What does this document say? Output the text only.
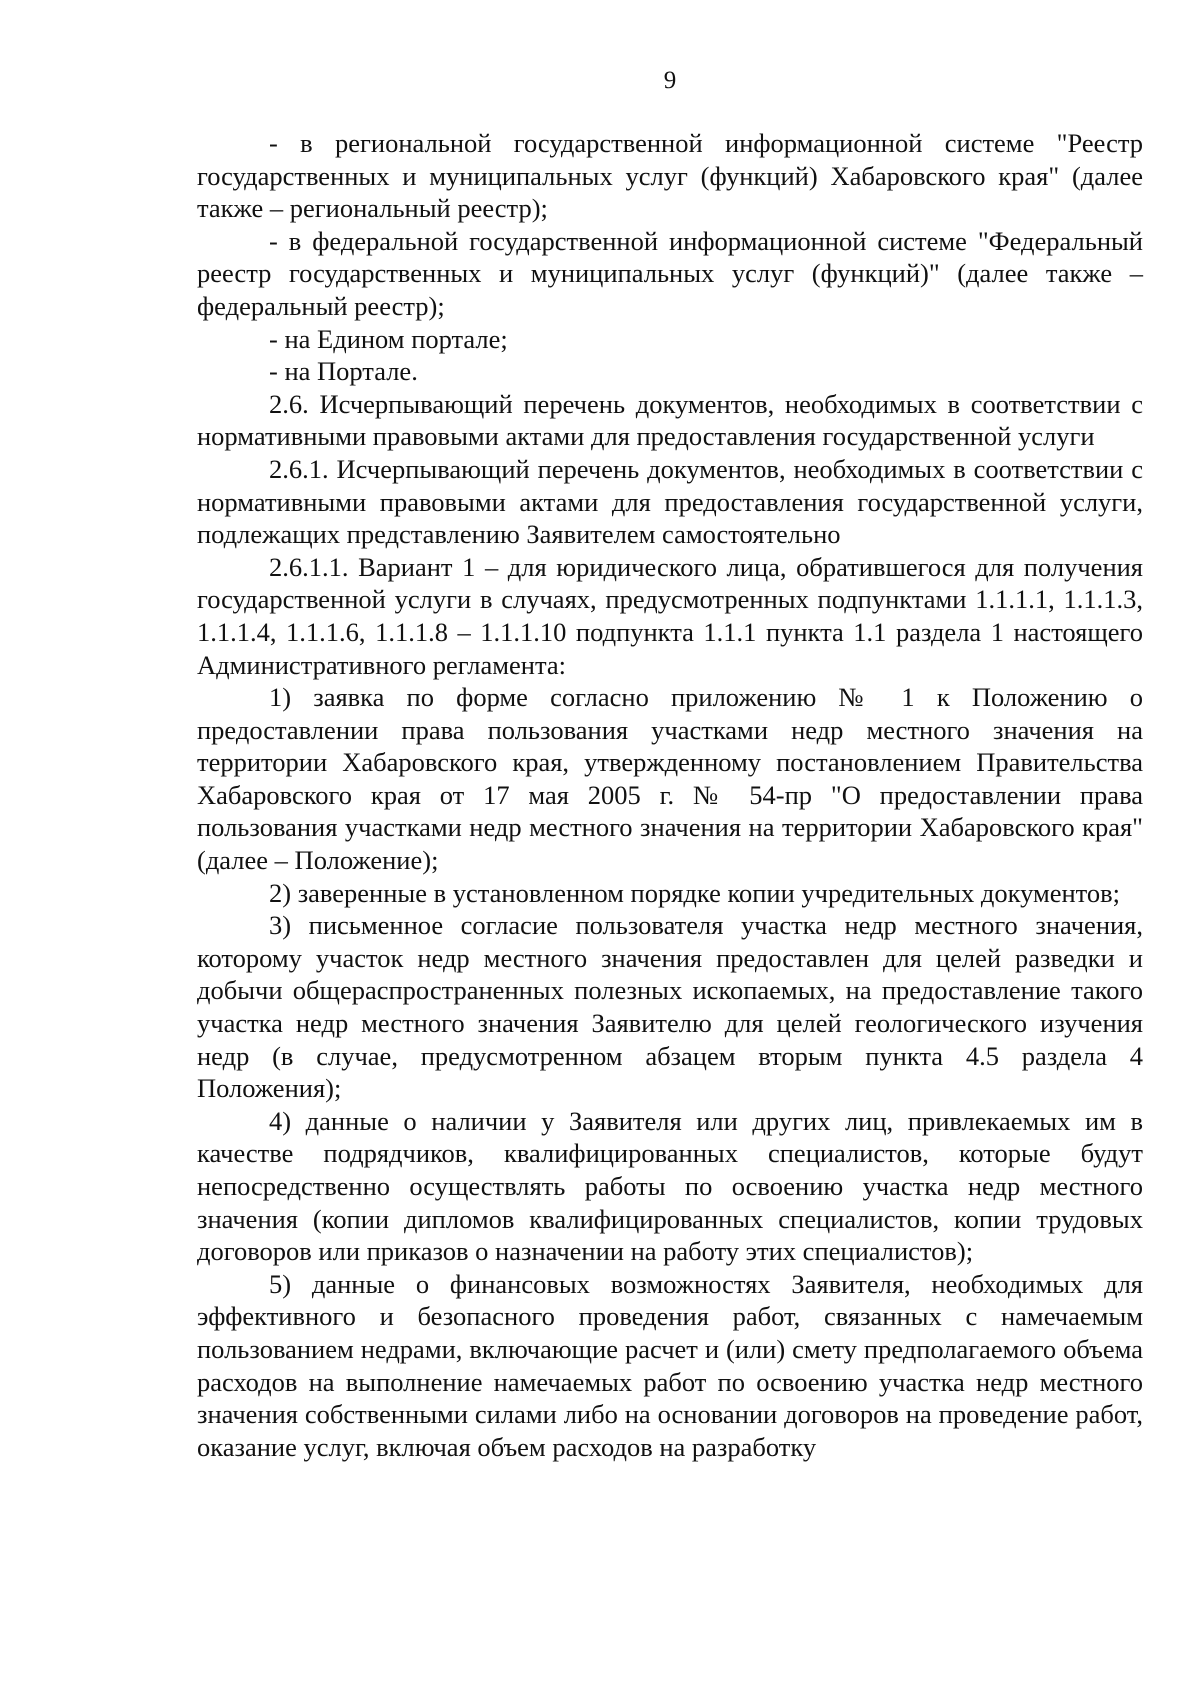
9

- в региональной государственной информационной системе "Реестр государственных и муниципальных услуг (функций) Хабаровского края" (далее также – региональный реестр);

- в федеральной государственной информационной системе "Федеральный реестр государственных и муниципальных услуг (функций)" (далее также – федеральный реестр);

- на Едином портале;

- на Портале.

2.6. Исчерпывающий перечень документов, необходимых в соответствии с нормативными правовыми актами для предоставления государственной услуги

2.6.1. Исчерпывающий перечень документов, необходимых в соответствии с нормативными правовыми актами для предоставления государственной услуги, подлежащих представлению Заявителем самостоятельно

2.6.1.1. Вариант 1 – для юридического лица, обратившегося для получения государственной услуги в случаях, предусмотренных подпунктами 1.1.1.1, 1.1.1.3, 1.1.1.4, 1.1.1.6, 1.1.1.8 – 1.1.1.10 подпункта 1.1.1 пункта 1.1 раздела 1 настоящего Административного регламента:

1) заявка по форме согласно приложению № 1 к Положению о предоставлении права пользования участками недр местного значения на территории Хабаровского края, утвержденному постановлением Правительства Хабаровского края от 17 мая 2005 г. № 54-пр "О предоставлении права пользования участками недр местного значения на территории Хабаровского края" (далее – Положение);

2) заверенные в установленном порядке копии учредительных документов;

3) письменное согласие пользователя участка недр местного значения, которому участок недр местного значения предоставлен для целей разведки и добычи общераспространенных полезных ископаемых, на предоставление такого участка недр местного значения Заявителю для целей геологического изучения недр (в случае, предусмотренном абзацем вторым пункта 4.5 раздела 4 Положения);

4) данные о наличии у Заявителя или других лиц, привлекаемых им в качестве подрядчиков, квалифицированных специалистов, которые будут непосредственно осуществлять работы по освоению участка недр местного значения (копии дипломов квалифицированных специалистов, копии трудовых договоров или приказов о назначении на работу этих специалистов);

5) данные о финансовых возможностях Заявителя, необходимых для эффективного и безопасного проведения работ, связанных с намечаемым пользованием недрами, включающие расчет и (или) смету предполагаемого объема расходов на выполнение намечаемых работ по освоению участка недр местного значения собственными силами либо на основании договоров на проведение работ, оказание услуг, включая объем расходов на разработку
